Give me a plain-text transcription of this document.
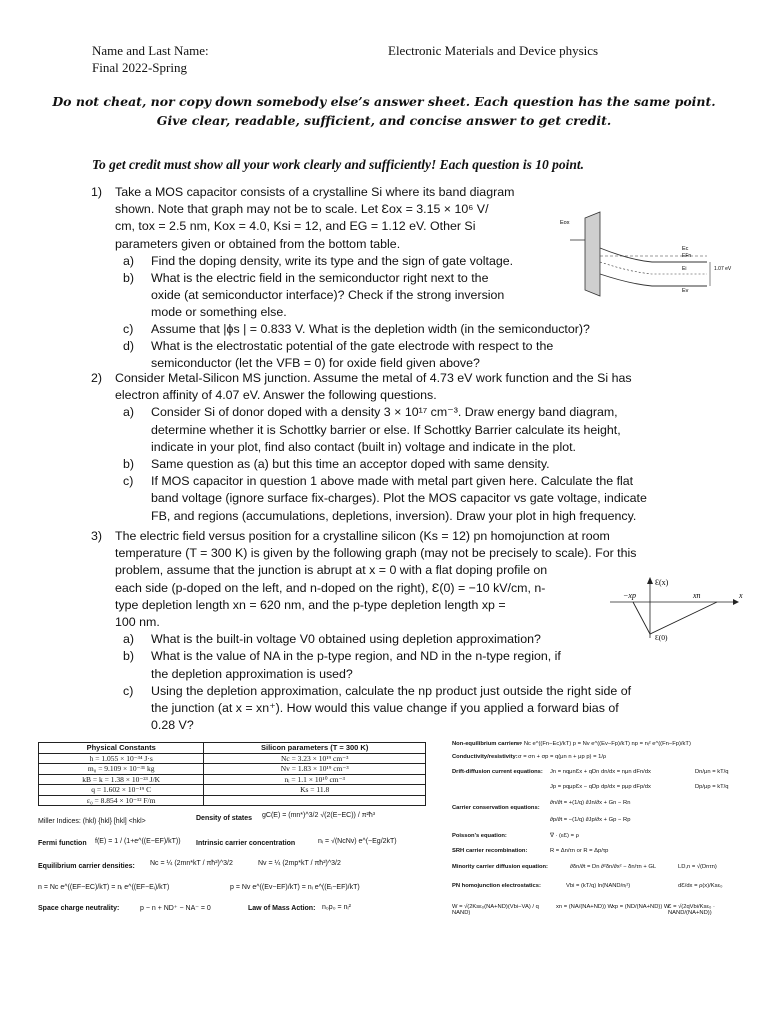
Name and Last Name:	Electronic Materials and Device physics
Final 2022-Spring
Do not cheat, nor copy down somebody else’s answer sheet. Each question has the same point.
Give clear, readable, sufficient, and concise answer to get credit.
To get credit must show all your work clearly and sufficiently! Each question is 10 point.
1) Take a MOS capacitor consists of a crystalline Si where its band diagram

shown. Note that graph may not be to scale. Let Ɛox = 3.15 × 10⁶ V/

cm, tox = 2.5 nm, Kox = 4.0, Ksi = 12, and EG = 1.12 eV. Other Si

parameters given or obtained from the bottom table.

a) Find the doping density, write its type and the sign of gate voltage.

b) What is the electric field in the semiconductor right next to the

oxide (at semiconductor interface)? Check if the strong inversion

mode or something else.

c) Assume that |ϕs | = 0.833 V. What is the depletion width (in the semiconductor)?

d) What is the electrostatic potential of the gate electrode with respect to the

semiconductor (let the VFB = 0) for oxide field given above?

Eox
Ec
EFn
Ei
Ev
1.07 eV
2) Consider Metal-Silicon MS junction. Assume the metal of 4.73 eV work function and the Si has

electron affinity of 4.07 eV. Answer the following questions.

a) Consider Si of donor doped with a density 3 × 10¹⁷ cm⁻³. Draw energy band diagram,

determine whether it is Schottky barrier or else. If Schottky Barrier calculate its height,

indicate in your plot, find also contact (built in) voltage and indicate in the plot.

b) Same question as (a) but this time an acceptor doped with same density.

c) If MOS capacitor in question 1 above made with metal part given here. Calculate the flat

band voltage (ignore surface fix-charges). Plot the MOS capacitor vs gate voltage, indicate

FB, and regions (accumulations, depletions, inversion). Draw your plot in high frequency.

3) The electric field versus position for a crystalline silicon (Ks = 12) pn homojunction at room

temperature (T = 300 K) is given by the following graph (may not be precisely to scale). For this

problem, assume that the junction is abrupt at x = 0 with a flat doping profile on

each side (p-doped on the left, and n-doped on the right), Ɛ(0) = −10 kV/cm, n-

type depletion length xn = 620 nm, and the p-type depletion length xp =

100 nm.

a) What is the built-in voltage V0 obtained using depletion approximation?

b) What is the value of NA in the p-type region, and ND in the n-type region, if

the depletion approximation is used?

c) Using the depletion approximation, calculate the np product just outside the right side of

the junction (at x = xn⁺). How would this value change if you applied a forward bias of

0.28 V?

Ɛ(x)
−xp	xn	x
Ɛ(0)
Physical Constants	Silicon parameters (T = 300 K)
h = 1.055 × 10⁻³⁴ J·s	Nc = 3.23 × 10¹⁹ cm⁻³
m₀ = 9.109 × 10⁻³¹ kg	Nv = 1.83 × 10¹⁹ cm⁻³
kB = k = 1.38 × 10⁻²³ J/K	nᵢ = 1.1 × 10¹⁰ cm⁻³
q = 1.602 × 10⁻¹⁹ C	Ks = 11.8
ε₀ = 8.854 × 10⁻¹² F/m	
Miller Indices: (hkl) {hkl} [hkl] <hkl>	Density of states gC(E) = (mn*)^3/2 √(2(E−EC)) / π²ħ³
Fermi function f(E) = 1 / (1+e^((E−EF)/kT)) Intrinsic carrier concentration	nᵢ = √(NcNv) e^(−Eg/2kT)
Equilibrium carrier densities: Nc = ¼ (2mn*kT / πħ²)^3/2	Nv = ¼ (2mp*kT / πħ²)^3/2
n = Nc e^((EF−EC)/kT) = nᵢ e^((EF−Eᵢ)/kT)	p = Nv e^((Ev−EF)/kT) = nᵢ e^((Eᵢ−EF)/kT)
Space charge neutrality:	p − n + ND⁺ − NA⁻ = 0	Law of Mass Action: n₀p₀ = nᵢ²
Non-equilibrium carriers:
n = Nc e^((Fn−Ec)/kT) p = Nv e^((Ev−Fp)/kT) np = nᵢ² e^((Fn−Fp)/kT)
Conductivity/resistivity: σ = σn + σp = q(μn n + μp p) = 1/ρ
Drift-diffusion current equations: Jn = nqμnƐx + qDn dn/dx = nμn dFn/dx
Jp = pqμpƐx − qDp dp/dx = pμp dFp/dx
Dn/μn = kT/q
Dp/μp = kT/q
Carrier conservation equations:
∂n/∂t = +(1/q) ∂Jn/∂x + Gn − Rn
∂p/∂t = −(1/q) ∂Jp/∂x + Gp − Rp
Poisson’s equation:	∇ · (εƐ) = ρ
SRH carrier recombination:	R = Δn/τn or R = Δp/τp
Minority carrier diffusion equation:	∂δn/∂t = Dn ∂²δn/∂x² − δn/τn + GL	LD,n = √(Dnτn)
PN homojunction electrostatics:	Vbi = (kT/q) ln(NAND/nᵢ²)	dƐ/dx = ρ(x)/Ksε₀
W = √(2Ksε₀(NA+ND)(Vbi−VA) / q NAND)
xn = (NA/(NA+ND)) W
xp = (ND/(NA+ND)) W
Ɛ = √(2qVbi/Ksε₀ · NAND/(NA+ND))
